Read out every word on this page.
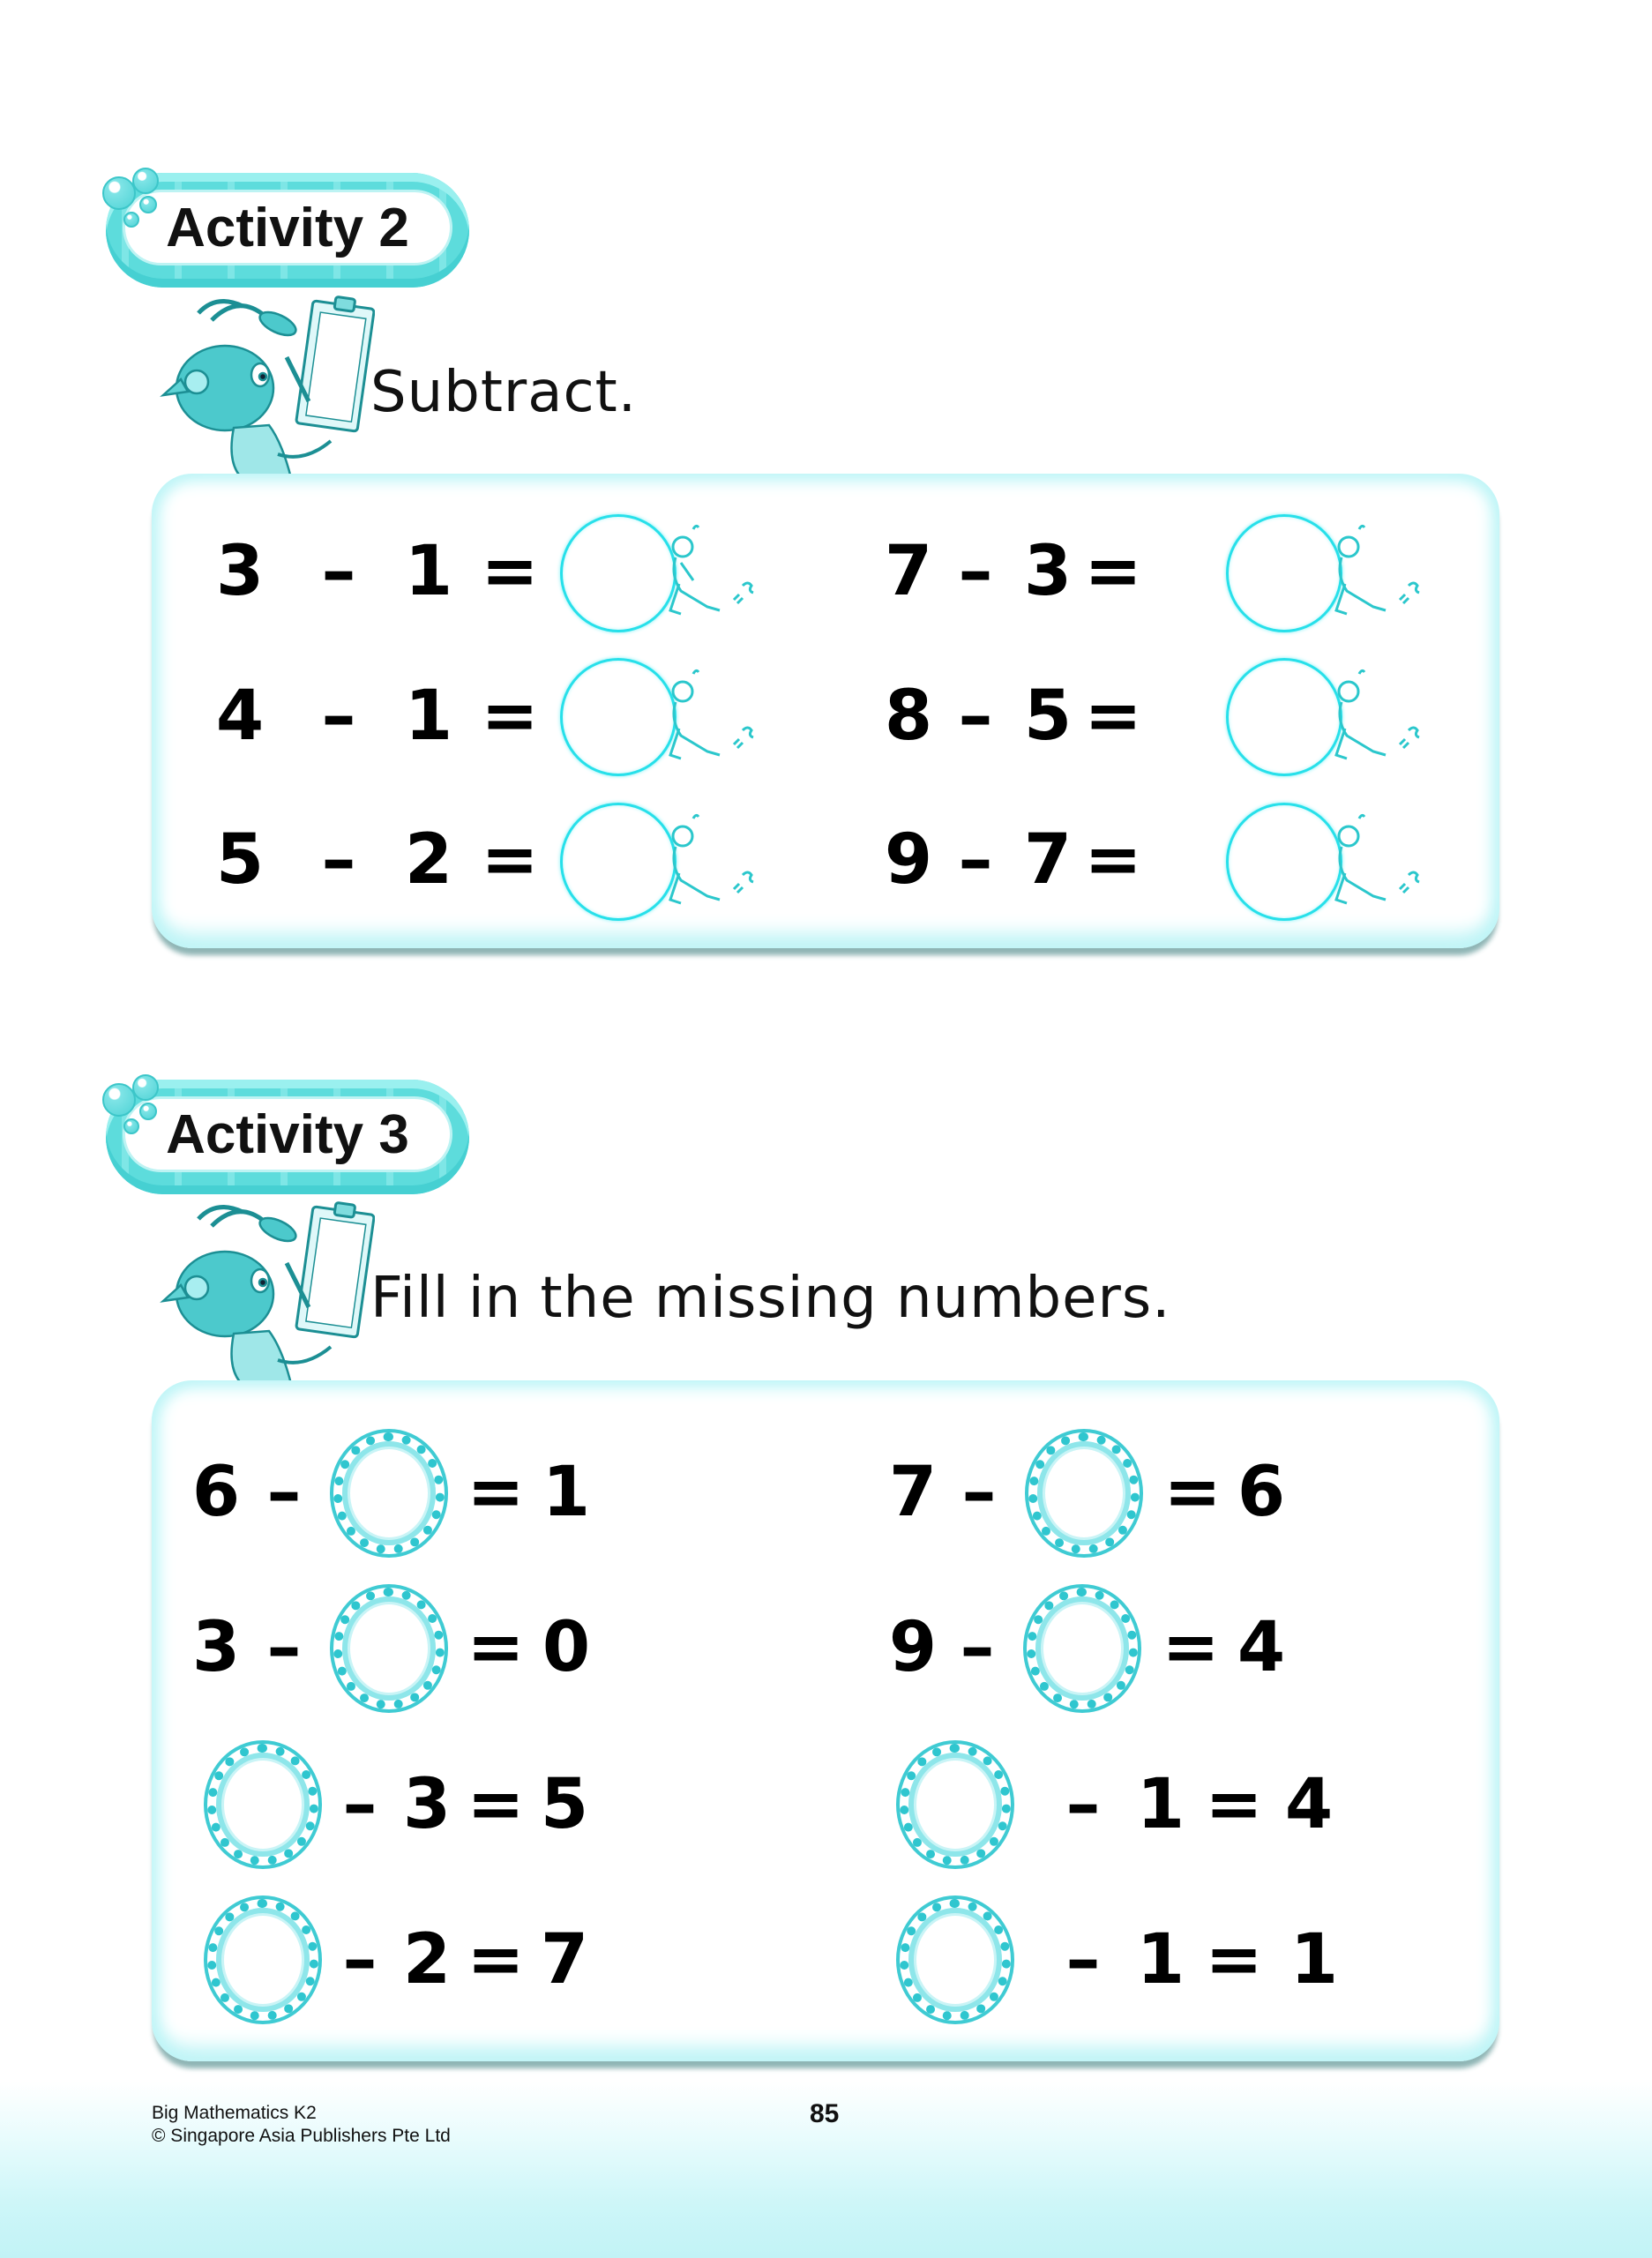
Activity 2
Subtract.
3 – 1 =
4 – 1 =
5 – 2 =
7 – 3 =
8 – 5 =
9 – 7 =
Activity 3
Fill in the missing numbers.
6 – = 1
3 – = 0
– 3 = 5
– 2 = 7
7 – = 6
9 – = 4
– 1 = 4
– 1 = 1
Big Mathematics K2
© Singapore Asia Publishers Pte Ltd
85
